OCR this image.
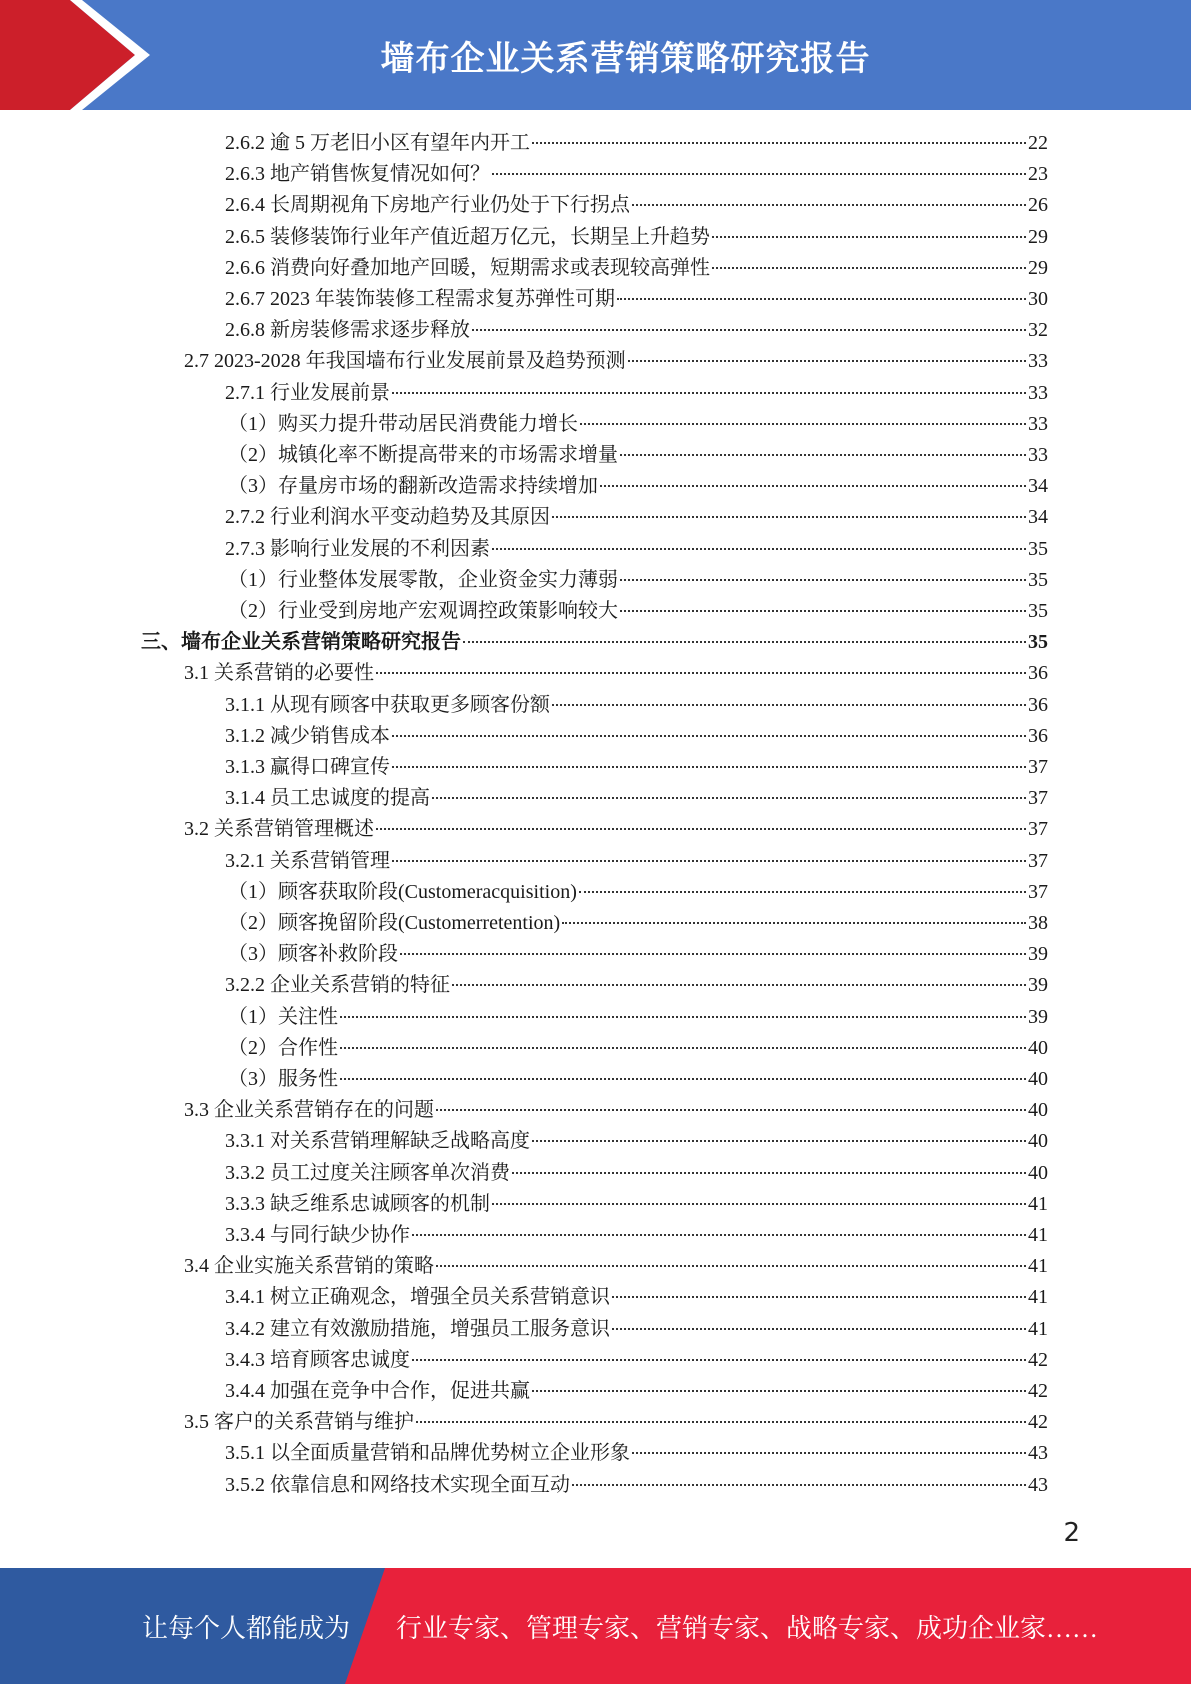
墙布企业关系营销策略研究报告
2.6.2 逾 5 万老旧小区有望年内开工	22
2.6.3 地产销售恢复情况如何？	23
2.6.4 长周期视角下房地产行业仍处于下行拐点	26
2.6.5 装修装饰行业年产值近超万亿元，长期呈上升趋势	29
2.6.6 消费向好叠加地产回暖，短期需求或表现较高弹性	29
2.6.7 2023 年装饰装修工程需求复苏弹性可期	30
2.6.8 新房装修需求逐步释放	32
2.7 2023-2028 年我国墙布行业发展前景及趋势预测	33
2.7.1 行业发展前景	33
（1）购买力提升带动居民消费能力增长	33
（2）城镇化率不断提高带来的市场需求增量	33
（3）存量房市场的翻新改造需求持续增加	34
2.7.2 行业利润水平变动趋势及其原因	34
2.7.3 影响行业发展的不利因素	35
（1）行业整体发展零散，企业资金实力薄弱	35
（2）行业受到房地产宏观调控政策影响较大	35
三、墙布企业关系营销策略研究报告	35
3.1 关系营销的必要性	36
3.1.1 从现有顾客中获取更多顾客份额	36
3.1.2 减少销售成本	36
3.1.3 赢得口碑宣传	37
3.1.4 员工忠诚度的提高	37
3.2 关系营销管理概述	37
3.2.1 关系营销管理	37
（1）顾客获取阶段(Customeracquisition)	37
（2）顾客挽留阶段(Customerretention)	38
（3）顾客补救阶段	39
3.2.2 企业关系营销的特征	39
（1）关注性	39
（2）合作性	40
（3）服务性	40
3.3 企业关系营销存在的问题	40
3.3.1 对关系营销理解缺乏战略高度	40
3.3.2 员工过度关注顾客单次消费	40
3.3.3 缺乏维系忠诚顾客的机制	41
3.3.4 与同行缺少协作	41
3.4 企业实施关系营销的策略	41
3.4.1 树立正确观念，增强全员关系营销意识	41
3.4.2 建立有效激励措施，增强员工服务意识	41
3.4.3 培育顾客忠诚度	42
3.4.4 加强在竞争中合作，促进共赢	42
3.5 客户的关系营销与维护	42
3.5.1 以全面质量营销和品牌优势树立企业形象	43
3.5.2 依靠信息和网络技术实现全面互动	43
2
让每个人都能成为 行业专家、管理专家、营销专家、战略专家、成功企业家……
